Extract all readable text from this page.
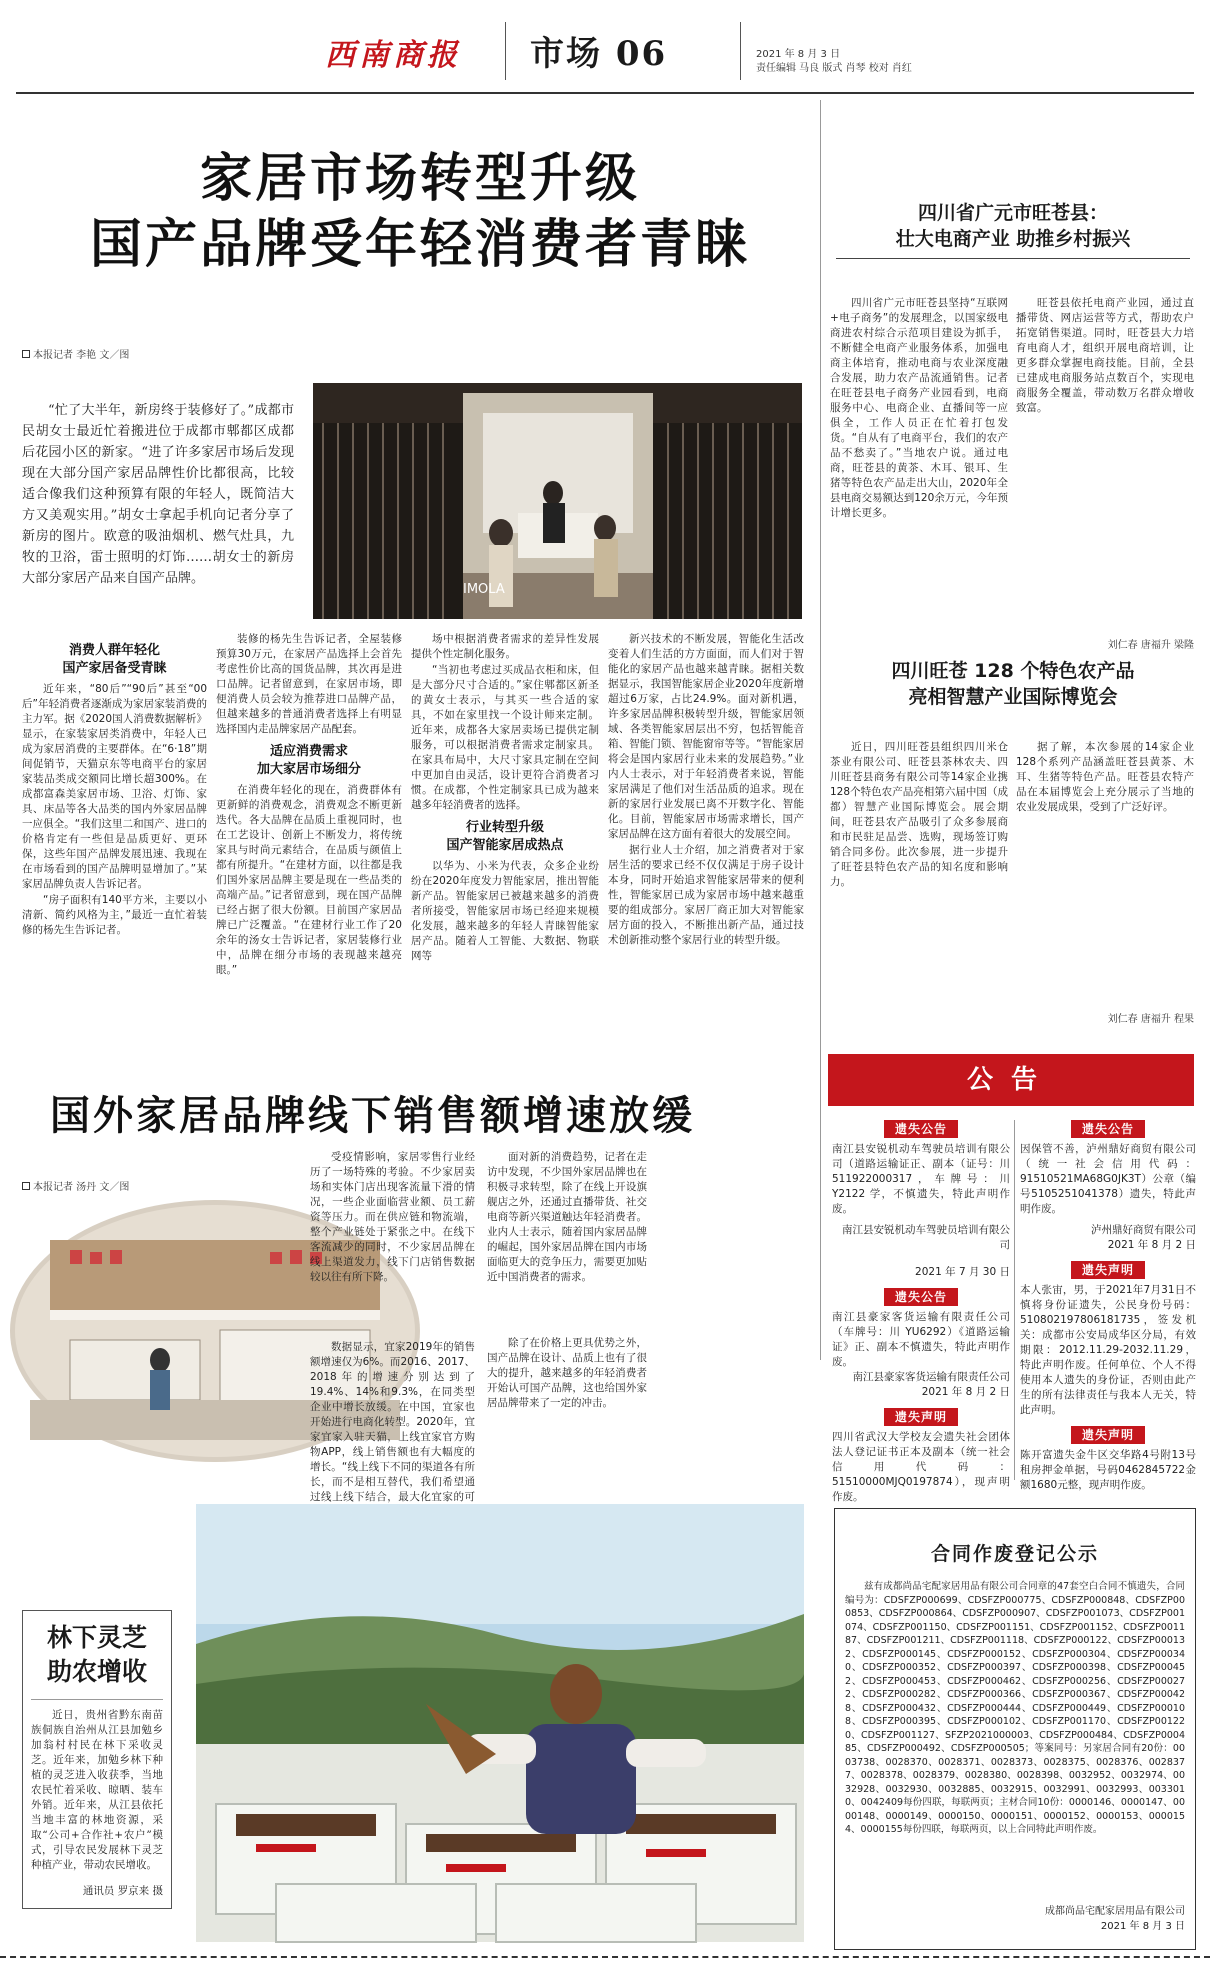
西南商报 市场 06	2021 年 8 月 3 日
责任编辑 马良 版式 肖琴 校对 肖红
家居市场转型升级
国产品牌受年轻消费者青睐
本报记者 李艳 文／图
“忙了大半年，新房终于装修好了。”成都市民胡女士最近忙着搬进位于成都市郫都区成都后花园小区的新家。“进了许多家居市场后发现现在大部分国产家居品牌性价比都很高，比较适合像我们这种预算有限的年轻人，既简洁大方又美观实用。”胡女士拿起手机向记者分享了新房的图片。欧意的吸油烟机、燃气灶具，九牧的卫浴，雷士照明的灯饰……胡女士的新房大部分家居产品来自国产品牌。
IMOLA
消费人群年轻化
国产家居备受青睐

近年来，“80后”“90后”甚至“00后”年轻消费者逐渐成为家居家装消费的主力军。据《2020国人消费数据解析》显示，在家装家居类消费中，年轻人已成为家居消费的主要群体。在“6·18”期间促销节，天猫京东等电商平台的家居家装品类成交额同比增长超300%。在成都富森美家居市场、卫浴、灯饰、家具、床品等各大品类的国内外家居品牌一应俱全。“我们这里二和国产、进口的价格肯定有一些但是品质更好、更环保，这些年国产品牌发展迅速、我现在在市场看到的国产品牌明显增加了。”某家居品牌负责人告诉记者。

“房子面积有140平方米，主要以小清新、简约风格为主，”最近一直忙着装修的杨先生告诉记者。

装修的杨先生告诉记者，全屋装修预算30万元，在家居产品选择上会首先考虑性价比高的国货品牌，其次再是进口品牌。记者留意到，在家居市场，即便消费人员会较为推荐进口品牌产品，但越来越多的普通消费者选择上有明显选择国内走品牌家居产品配套。

适应消费需求
加大家居市场细分

在消费年轻化的现在，消费群体有更新鲜的消费观念，消费观念不断更新迭代。各大品牌在品质上重视同时，也在工艺设计、创新上不断发力，将传统家具与时尚元素结合，在品质与颜值上都有所提升。“在建材方面，以往都是我们国外家居品牌主要是现在一些品类的高端产品。”记者留意到，现在国产品牌已经占据了很大份额。目前国产家居品牌已广泛覆盖。“在建材行业工作了20余年的汤女士告诉记者，家居装修行业中，品牌在细分市场的表现越来越亮眼。”

场中根据消费者需求的差异性发展提供个性定制化服务。

“当初也考虑过买成品衣柜和床，但是大部分尺寸合适的。”家住郫都区新圣的黄女士表示，与其买一些合适的家具，不如在家里找一个设计师来定制。近年来，成都各大家居卖场已提供定制服务，可以根据消费者需求定制家具。在家具布局中，大尺寸家具定制在空间中更加自由灵活，设计更符合消费者习惯。在成都，个性定制家具已成为越来越多年轻消费者的选择。

行业转型升级
国产智能家居成热点

以华为、小米为代表，众多企业纷纷在2020年度发力智能家居，推出智能新产品。智能家居已被越来越多的消费者所接受，智能家居市场已经迎来规模化发展，越来越多的年轻人青睐智能家居产品。随着人工智能、大数据、物联网等

新兴技术的不断发展，智能化生活改变着人们生活的方方面面，而人们对于智能化的家居产品也越来越青睐。据相关数据显示，我国智能家居企业2020年度新增超过6万家，占比24.9%。面对新机遇，许多家居品牌积极转型升级，智能家居领域、各类智能家居层出不穷，包括智能音箱、智能门锁、智能窗帘等等。“智能家居将会是国内家居行业未来的发展趋势。”业内人士表示，对于年轻消费者来说，智能家居满足了他们对生活品质的追求。现在新的家居行业发展已离不开数字化、智能化。目前，智能家居市场需求增长，国产家居品牌在这方面有着很大的发展空间。

据行业人士介绍，加之消费者对于家居生活的要求已经不仅仅满足于房子设计本身，同时开始追求智能家居带来的便利性，智能家居已成为家居市场中越来越重要的组成部分。家居厂商正加大对智能家居方面的投入，不断推出新产品，通过技术创新推动整个家居行业的转型升级。

四川省广元市旺苍县：
壮大电商产业 助推乡村振兴

四川省广元市旺苍县坚持“互联网+电子商务”的发展理念，以国家级电商进农村综合示范项目建设为抓手，不断健全电商产业服务体系，加强电商主体培育，推动电商与农业深度融合发展，助力农产品流通销售。记者在旺苍县电子商务产业园看到，电商服务中心、电商企业、直播间等一应俱全，工作人员正在忙着打包发货。“自从有了电商平台，我们的农产品不愁卖了。”当地农户说。通过电商，旺苍县的黄茶、木耳、银耳、生猪等特色农产品走出大山，2020年全县电商交易额达到120余万元，今年预计增长更多。

旺苍县依托电商产业园，通过直播带货、网店运营等方式，帮助农户拓宽销售渠道。同时，旺苍县大力培育电商人才，组织开展电商培训，让更多群众掌握电商技能。目前，全县已建成电商服务站点数百个，实现电商服务全覆盖，带动数万名群众增收致富。

刘仁春 唐福升 梁隆
四川旺苍 128 个特色农产品
亮相智慧产业国际博览会

近日，四川旺苍县组织四川米仓茶业有限公司、旺苍县茶林农夫、四川旺苍县商务有限公司等14家企业携128个特色农产品亮相第六届中国（成都）智慧产业国际博览会。展会期间，旺苍县农产品吸引了众多参展商和市民驻足品尝、选购，现场签订购销合同多份。此次参展，进一步提升了旺苍县特色农产品的知名度和影响力。

据了解，本次参展的14家企业128个系列产品涵盖旺苍县黄茶、木耳、生猪等特色产品。旺苍县农特产品在本届博览会上充分展示了当地的农业发展成果，受到了广泛好评。

刘仁春 唐福升 程果
公告
遗失公告
南江县安锐机动车驾驶员培训有限公司（道路运输证正、副本（证号：川 511922000317，车牌号：川 Y2122 学，不慎遗失，特此声明作废。
南江县安锐机动车驾驶员培训有限公司
2021 年 7 月 30 日
遗失公告
南江县豪家客货运输有限责任公司（车牌号：川 YU6292）《道路运输证》正、副本不慎遗失，特此声明作废。
南江县豪家客货运输有限责任公司
2021 年 8 月 2 日
遗失声明
四川省武汉大学校友会遗失社会团体法人登记证书正本及副本（统一社会信用代码：51510000MJQ0197874），现声明作废。
遗失公告
因保管不善，泸州鼎好商贸有限公司（统一社会信用代码：91510521MA68G0JK3T）公章（编号5105251041378）遗失，特此声明作废。
泸州鼎好商贸有限公司
2021 年 8 月 2 日
遗失声明
本人张宙，男，于2021年7月31日不慎将身份证遗失，公民身份号码：510802197806181735，签发机关：成都市公安局成华区分局，有效期限：2012.11.29-2032.11.29，特此声明作废。任何单位、个人不得使用本人遗失的身份证，否则由此产生的所有法律责任与我本人无关，特此声明。
遗失声明
陈开富遗失金牛区交华路4号附13号租房押金单据，号码0462845722金额1680元整，现声明作废。
国外家居品牌线下销售额增速放缓
本报记者 汤丹 文／图

受疫情影响，家居零售行业经历了一场特殊的考验。不少家居卖场和实体门店出现客流量下滑的情况，一些企业面临营业额、员工薪资等压力。而在供应链和物流端，整个产业链处于紧张之中。在线下客流减少的同时，不少家居品牌在线上渠道发力，线下门店销售数据较以往有所下降。

数据显示，宜家2019年的销售额增速仅为6%。而2016、2017、2018年的增速分别达到了19.4%、14%和9.3%，在同类型企业中增长放缓。在中国，宜家也开始进行电商化转型。2020年，宜家宜家入驻天猫，上线宜家官方购物APP，线上销售额也有大幅度的增长。“线上线下不同的渠道各有所长，而不是相互替代，我们希望通过线上线下结合，最大化宜家的可

面对新的消费趋势，记者在走访中发现，不少国外家居品牌也在积极寻求转型，除了在线上开设旗舰店之外，还通过直播带货、社交电商等新兴渠道触达年轻消费者。业内人士表示，随着国内家居品牌的崛起，国外家居品牌在国内市场面临更大的竞争压力，需要更加贴近中国消费者的需求。

除了在价格上更具优势之外，国产品牌在设计、品质上也有了很大的提升，越来越多的年轻消费者开始认可国产品牌，这也给国外家居品牌带来了一定的冲击。

林下灵芝
助农增收
近日，贵州省黔东南苗族侗族自治州从江县加勉乡加翁村村民在林下采收灵芝。近年来，加勉乡林下种植的灵芝进入收获季，当地农民忙着采收、晾晒、装车外销。近年来，从江县依托当地丰富的林地资源，采取“公司+合作社+农户”模式，引导农民发展林下灵芝种植产业，带动农民增收。
通讯员 罗京来 摄
合同作废登记公示
兹有成都尚品宅配家居用品有限公司合同章的47套空白合同不慎遗失，合同编号为：CDSFZP000699、CDSFZP000775、CDSFZP000848、CDSFZP000853、CDSFZP000864、CDSFZP000907、CDSFZP001073、CDSFZP001074、CDSFZP001150、CDSFZP001151、CDSFZP001152、CDSFZP001187、CDSFZP001211、CDSFZP001118、CDSFZP000122、CDSFZP000132、CDSFZP000145、CDSFZP000152、CDSFZP000304、CDSFZP000340、CDSFZP000352、CDSFZP000397、CDSFZP000398、CDSFZP000452、CDSFZP000453、CDSFZP000462、CDSFZP000256、CDSFZP000272、CDSFZP000282、CDSFZP000366、CDSFZP000367、CDSFZP000428、CDSFZP000432、CDSFZP000444、CDSFZP000449、CDSFZP000108、CDSFZP000395、CDSFZP000102、CDSFZP001170、CDSFZP001220、CDSFZP001127、SFZP2021000003、CDSFZP000484、CDSFZP000485、CDSFZP000492、CDSFZP000505；等案同号：另家居合同有20份：0003738、0028370、0028371、0028373、0028375、0028376、0028377、0028378、0028379、0028380、0028398、0032952、0032974、0032928、0032930、0032885、0032915、0032991、0032993、0033010、0042409每份四联，每联两页；主材合同10份：0000146、0000147、0000148、0000149、0000150、0000151、0000152、0000153、0000154、0000155每份四联，每联两页，以上合同特此声明作废。
成都尚品宅配家居用品有限公司
2021 年 8 月 3 日
